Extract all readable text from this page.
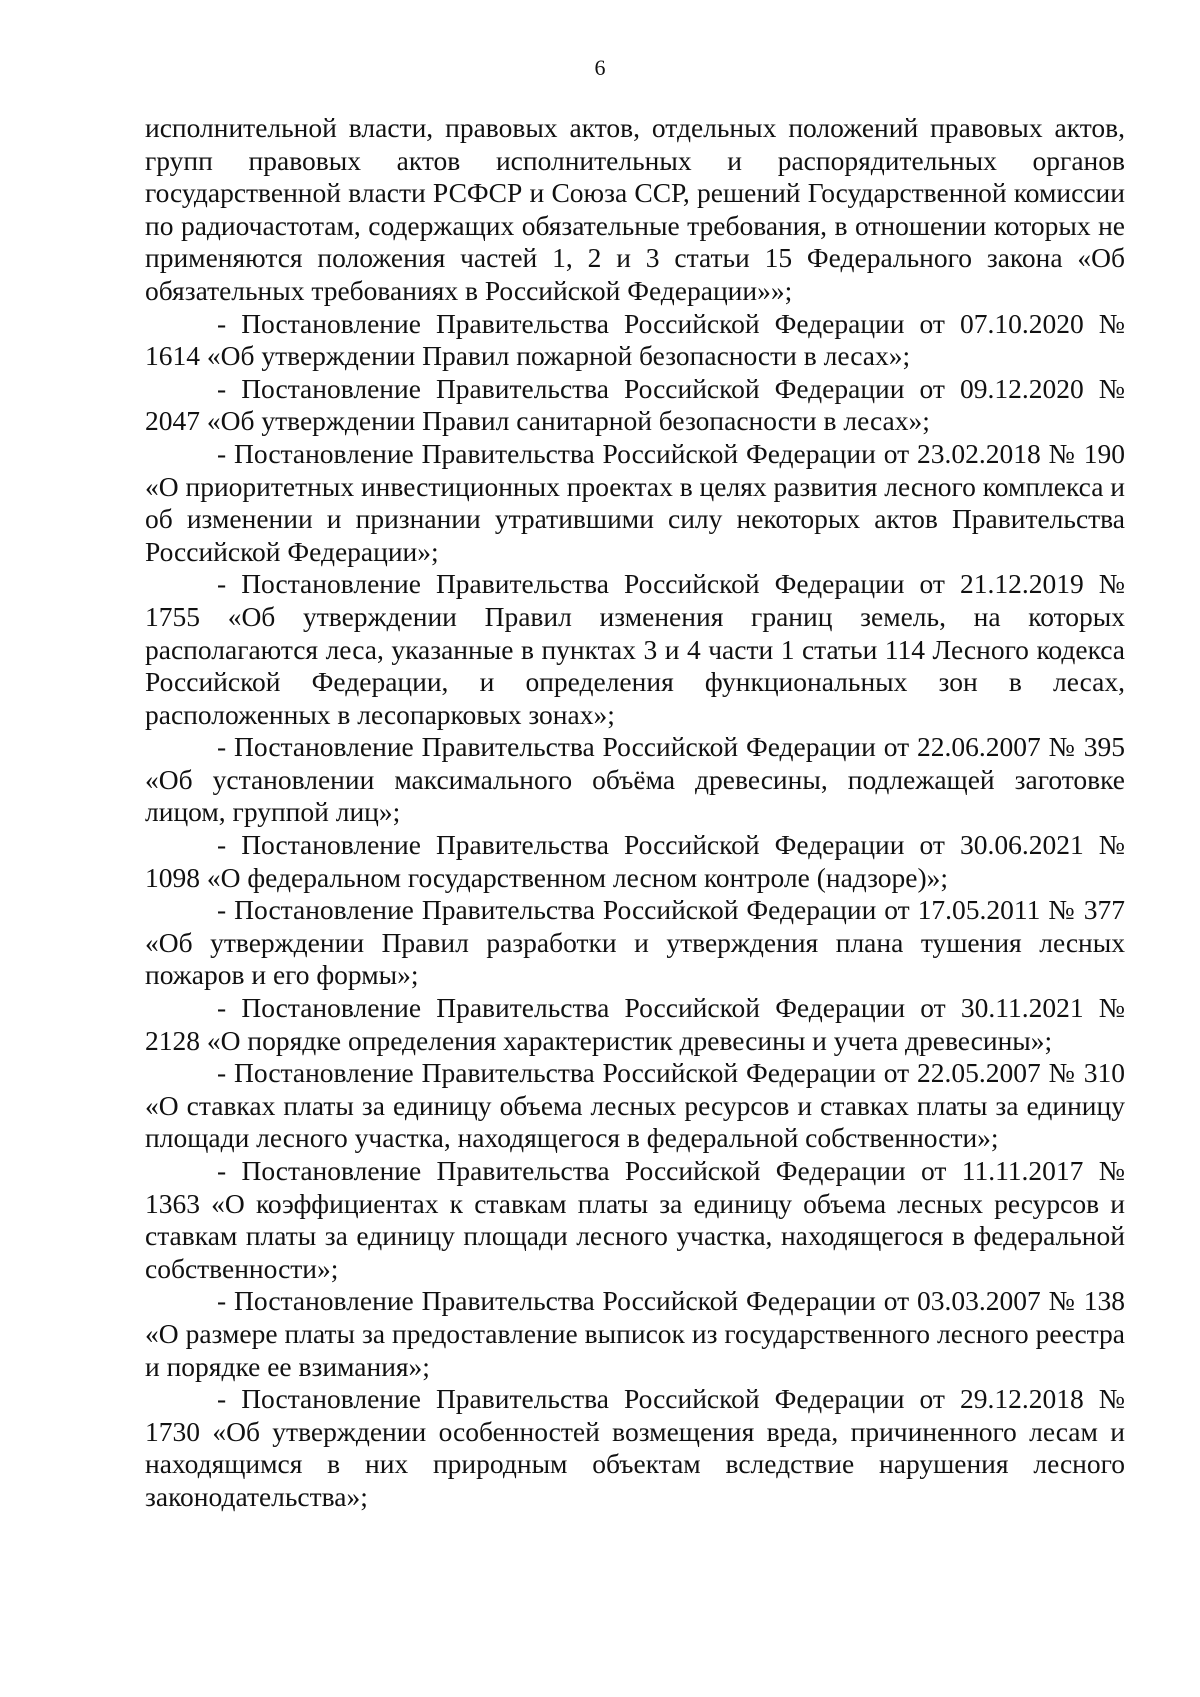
6

исполнительной власти, правовых актов, отдельных положений правовых актов, групп правовых актов исполнительных и распорядительных органов государственной власти РСФСР и Союза ССР, решений Государственной комиссии по радиочастотам, содержащих обязательные требования, в отношении которых не применяются положения частей 1, 2 и 3 статьи 15 Федерального закона «Об обязательных требованиях в Российской Федерации»»;

- Постановление Правительства Российской Федерации от 07.10.2020 № 1614 «Об утверждении Правил пожарной безопасности в лесах»;

- Постановление Правительства Российской Федерации от 09.12.2020 № 2047 «Об утверждении Правил санитарной безопасности в лесах»;

- Постановление Правительства Российской Федерации от 23.02.2018 № 190 «О приоритетных инвестиционных проектах в целях развития лесного комплекса и об изменении и признании утратившими силу некоторых актов Правительства Российской Федерации»;

- Постановление Правительства Российской Федерации от 21.12.2019 № 1755 «Об утверждении Правил изменения границ земель, на которых располагаются леса, указанные в пунктах 3 и 4 части 1 статьи 114 Лесного кодекса Российской Федерации, и определения функциональных зон в лесах, расположенных в лесопарковых зонах»;

- Постановление Правительства Российской Федерации от 22.06.2007 № 395 «Об установлении максимального объёма древесины, подлежащей заготовке лицом, группой лиц»;

- Постановление Правительства Российской Федерации от 30.06.2021 № 1098 «О федеральном государственном лесном контроле (надзоре)»;

- Постановление Правительства Российской Федерации от 17.05.2011 № 377 «Об утверждении Правил разработки и утверждения плана тушения лесных пожаров и его формы»;

- Постановление Правительства Российской Федерации от 30.11.2021 № 2128 «О порядке определения характеристик древесины и учета древесины»;

- Постановление Правительства Российской Федерации от 22.05.2007 № 310 «О ставках платы за единицу объема лесных ресурсов и ставках платы за единицу площади лесного участка, находящегося в федеральной собственности»;

- Постановление Правительства Российской Федерации от 11.11.2017 № 1363 «О коэффициентах к ставкам платы за единицу объема лесных ресурсов и ставкам платы за единицу площади лесного участка, находящегося в федеральной собственности»;

- Постановление Правительства Российской Федерации от 03.03.2007 № 138 «О размере платы за предоставление выписок из государственного лесного реестра и порядке ее взимания»;

- Постановление Правительства Российской Федерации от 29.12.2018 № 1730 «Об утверждении особенностей возмещения вреда, причиненного лесам и находящимся в них природным объектам вследствие нарушения лесного законодательства»;
